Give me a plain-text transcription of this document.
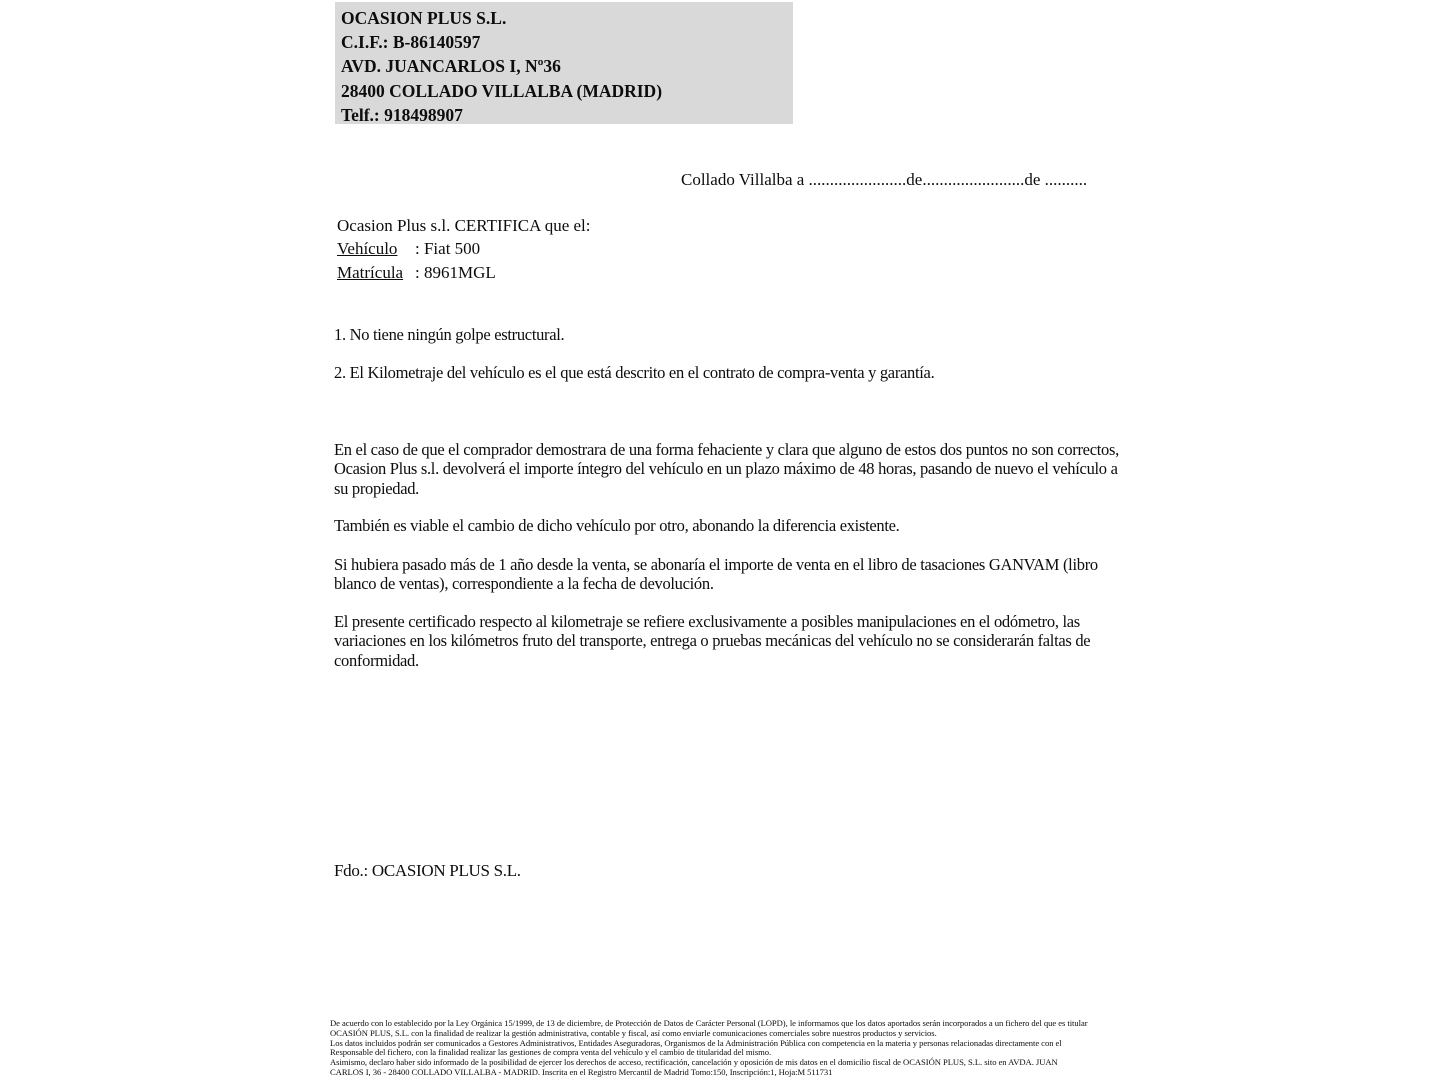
OCASION PLUS S.L.
C.I.F.: B-86140597
AVD. JUANCARLOS I, Nº36
28400 COLLADO VILLALBA (MADRID)
Telf.: 918498907
Collado Villalba a .......................de........................de ..........
Ocasion Plus s.l. CERTIFICA que el:
Vehículo : Fiat 500
Matrícula : 8961MGL
1. No tiene ningún golpe estructural.
2. El Kilometraje del vehículo es el que está descrito en el contrato de compra-venta y garantía.
En el caso de que el comprador demostrara de una forma fehaciente y clara que alguno de estos dos puntos no son correctos, Ocasion Plus s.l. devolverá el importe íntegro del vehículo en un plazo máximo de 48 horas, pasando de nuevo el vehículo a su propiedad.
También es viable el cambio de dicho vehículo por otro, abonando la diferencia existente.
Si hubiera pasado más de 1 año desde la venta, se abonaría el importe de venta en el libro de tasaciones GANVAM (libro blanco de ventas), correspondiente a la fecha de devolución.
El presente certificado respecto al kilometraje se refiere exclusivamente a posibles manipulaciones en el odómetro, las variaciones en los kilómetros fruto del transporte, entrega o pruebas mecánicas del vehículo no se considerarán faltas de conformidad.
Fdo.: OCASION PLUS S.L.
De acuerdo con lo establecido por la Ley Orgánica 15/1999, de 13 de diciembre, de Protección de Datos de Carácter Personal (LOPD), le informamos que los datos aportados serán incorporados a un fichero del que es titular
OCASIÓN PLUS, S.L. con la finalidad de realizar la gestión administrativa, contable y fiscal, así como enviarle comunicaciones comerciales sobre nuestros productos y servicios.
Los datos incluidos podrán ser comunicados a Gestores Administrativos, Entidades Aseguradoras, Organismos de la Administración Pública con competencia en la materia y personas relacionadas directamente con el
Responsable del fichero, con la finalidad realizar las gestiones de compra venta del vehículo y el cambio de titularidad del mismo.
Asimismo, declaro haber sido informado de la posibilidad de ejercer los derechos de acceso, rectificación, cancelación y oposición de mis datos en el domicilio fiscal de OCASIÓN PLUS, S.L. sito en AVDA. JUAN
CARLOS I, 36 - 28400 COLLADO VILLALBA - MADRID. Inscrita en el Registro Mercantil de Madrid Tomo:150, Inscripción:1, Hoja:M 511731
